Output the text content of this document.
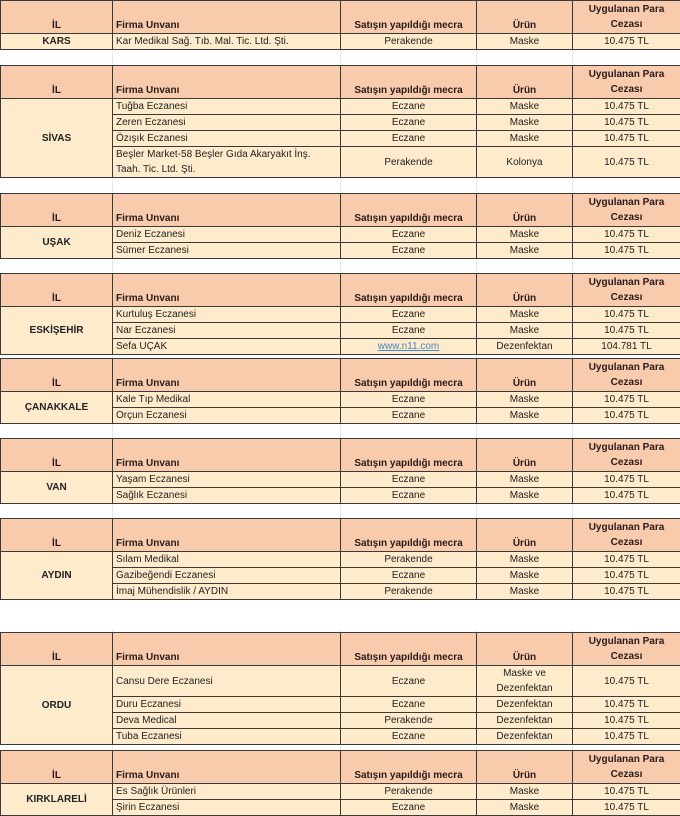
İL	Firma Unvanı	Satışın yapıldığı mecra	Ürün	Uygulanan Para Cezası
KARS	Kar Medikal Sağ. Tıb. Mal. Tic. Ltd. Şti.	Perakende	Maske	10.475 TL
İL	Firma Unvanı	Satışın yapıldığı mecra	Ürün	Uygulanan Para Cezası
SİVAS	Tuğba Eczanesi	Eczane	Maske	10.475 TL
	Zeren Eczanesi	Eczane	Maske	10.475 TL
	Özışık Eczanesi	Eczane	Maske	10.475 TL
	Beşler Market-58 Beşler Gıda Akaryakıt İnş. Taah. Tic. Ltd. Şti.	Perakende	Kolonya	10.475 TL
İL	Firma Unvanı	Satışın yapıldığı mecra	Ürün	Uygulanan Para Cezası
UŞAK	Deniz Eczanesi	Eczane	Maske	10.475 TL
	Sümer Eczanesi	Eczane	Maske	10.475 TL
İL	Firma Unvanı	Satışın yapıldığı mecra	Ürün	Uygulanan Para Cezası
ESKİŞEHİR	Kurtuluş Eczanesi	Eczane	Maske	10.475 TL
	Nar Eczanesi	Eczane	Maske	10.475 TL
	Sefa UÇAK	www.n11.com	Dezenfektan	104.781 TL
İL	Firma Unvanı	Satışın yapıldığı mecra	Ürün	Uygulanan Para Cezası
ÇANAKKALE	Kale Tıp Medikal	Eczane	Maske	10.475 TL
	Orçun Eczanesi	Eczane	Maske	10.475 TL
İL	Firma Unvanı	Satışın yapıldığı mecra	Ürün	Uygulanan Para Cezası
VAN	Yaşam Eczanesi	Eczane	Maske	10.475 TL
	Sağlık Eczanesi	Eczane	Maske	10.475 TL
İL	Firma Unvanı	Satışın yapıldığı mecra	Ürün	Uygulanan Para Cezası
AYDIN	Sılam Medikal	Perakende	Maske	10.475 TL
	Gazibeğendi Eczanesi	Eczane	Maske	10.475 TL
	İmaj Mühendislik / AYDIN	Perakende	Maske	10.475 TL
İL	Firma Unvanı	Satışın yapıldığı mecra	Ürün	Uygulanan Para Cezası
ORDU	Cansu Dere Eczanesi	Eczane	Maske ve Dezenfektan	10.475 TL
	Duru Eczanesi	Eczane	Dezenfektan	10.475 TL
	Deva Medical	Perakende	Dezenfektan	10.475 TL
	Tuba Eczanesi	Eczane	Dezenfektan	10.475 TL
İL	Firma Unvanı	Satışın yapıldığı mecra	Ürün	Uygulanan Para Cezası
KIRKLARELİ	Es Sağlık Ürünleri	Perakende	Maske	10.475 TL
	Şirin Eczanesi	Eczane	Maske	10.475 TL
